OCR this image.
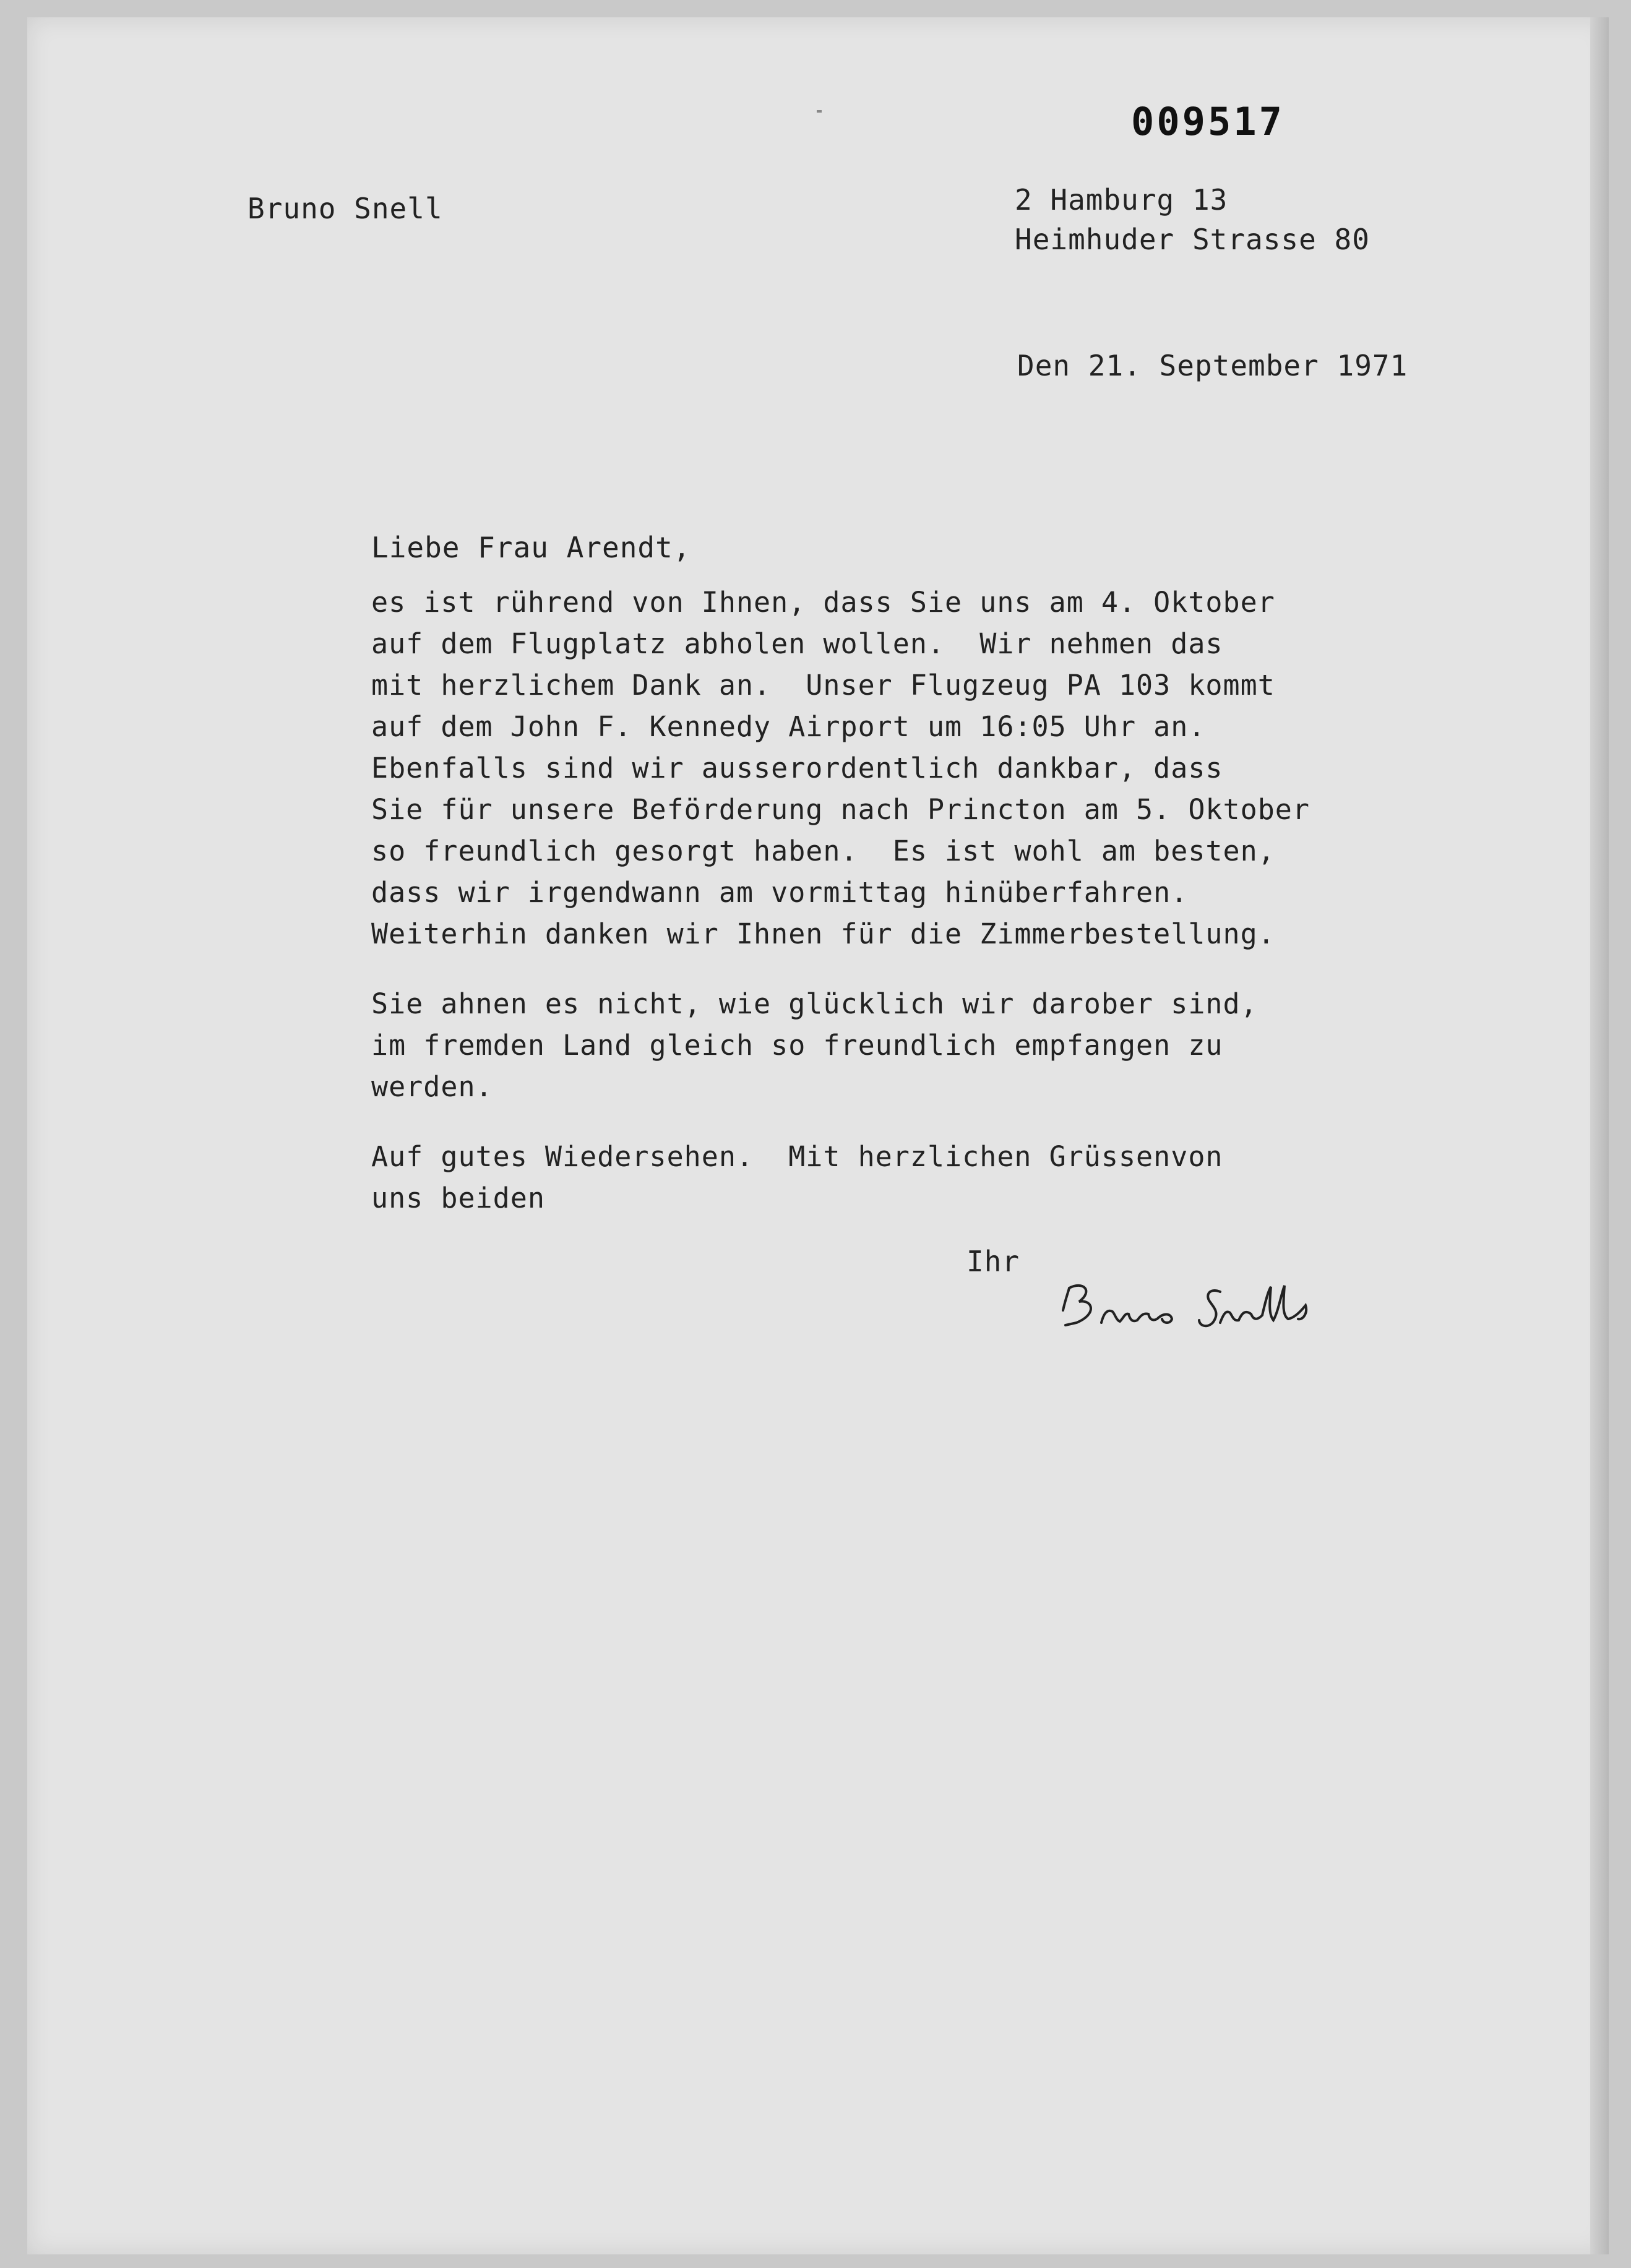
009517
Bruno Snell	2 Hamburg 13
Heimhuder Strasse 80
Den 21. September 1971
Liebe Frau Arendt,
es ist rührend von Ihnen, dass Sie uns am 4. Oktober
auf dem Flugplatz abholen wollen.  Wir nehmen das
mit herzlichem Dank an.  Unser Flugzeug PA 103 kommt
auf dem John F. Kennedy Airport um 16:05 Uhr an.
Ebenfalls sind wir ausserordentlich dankbar, dass
Sie für unsere Beförderung nach Princton am 5. Oktober
so freundlich gesorgt haben.  Es ist wohl am besten,
dass wir irgendwann am vormittag hinüberfahren.
Weiterhin danken wir Ihnen für die Zimmerbestellung.
Sie ahnen es nicht, wie glücklich wir darober sind,
im fremden Land gleich so freundlich empfangen zu
werden.
Auf gutes Wiedersehen.  Mit herzlichen Grüssenvon
uns beiden
Ihr
